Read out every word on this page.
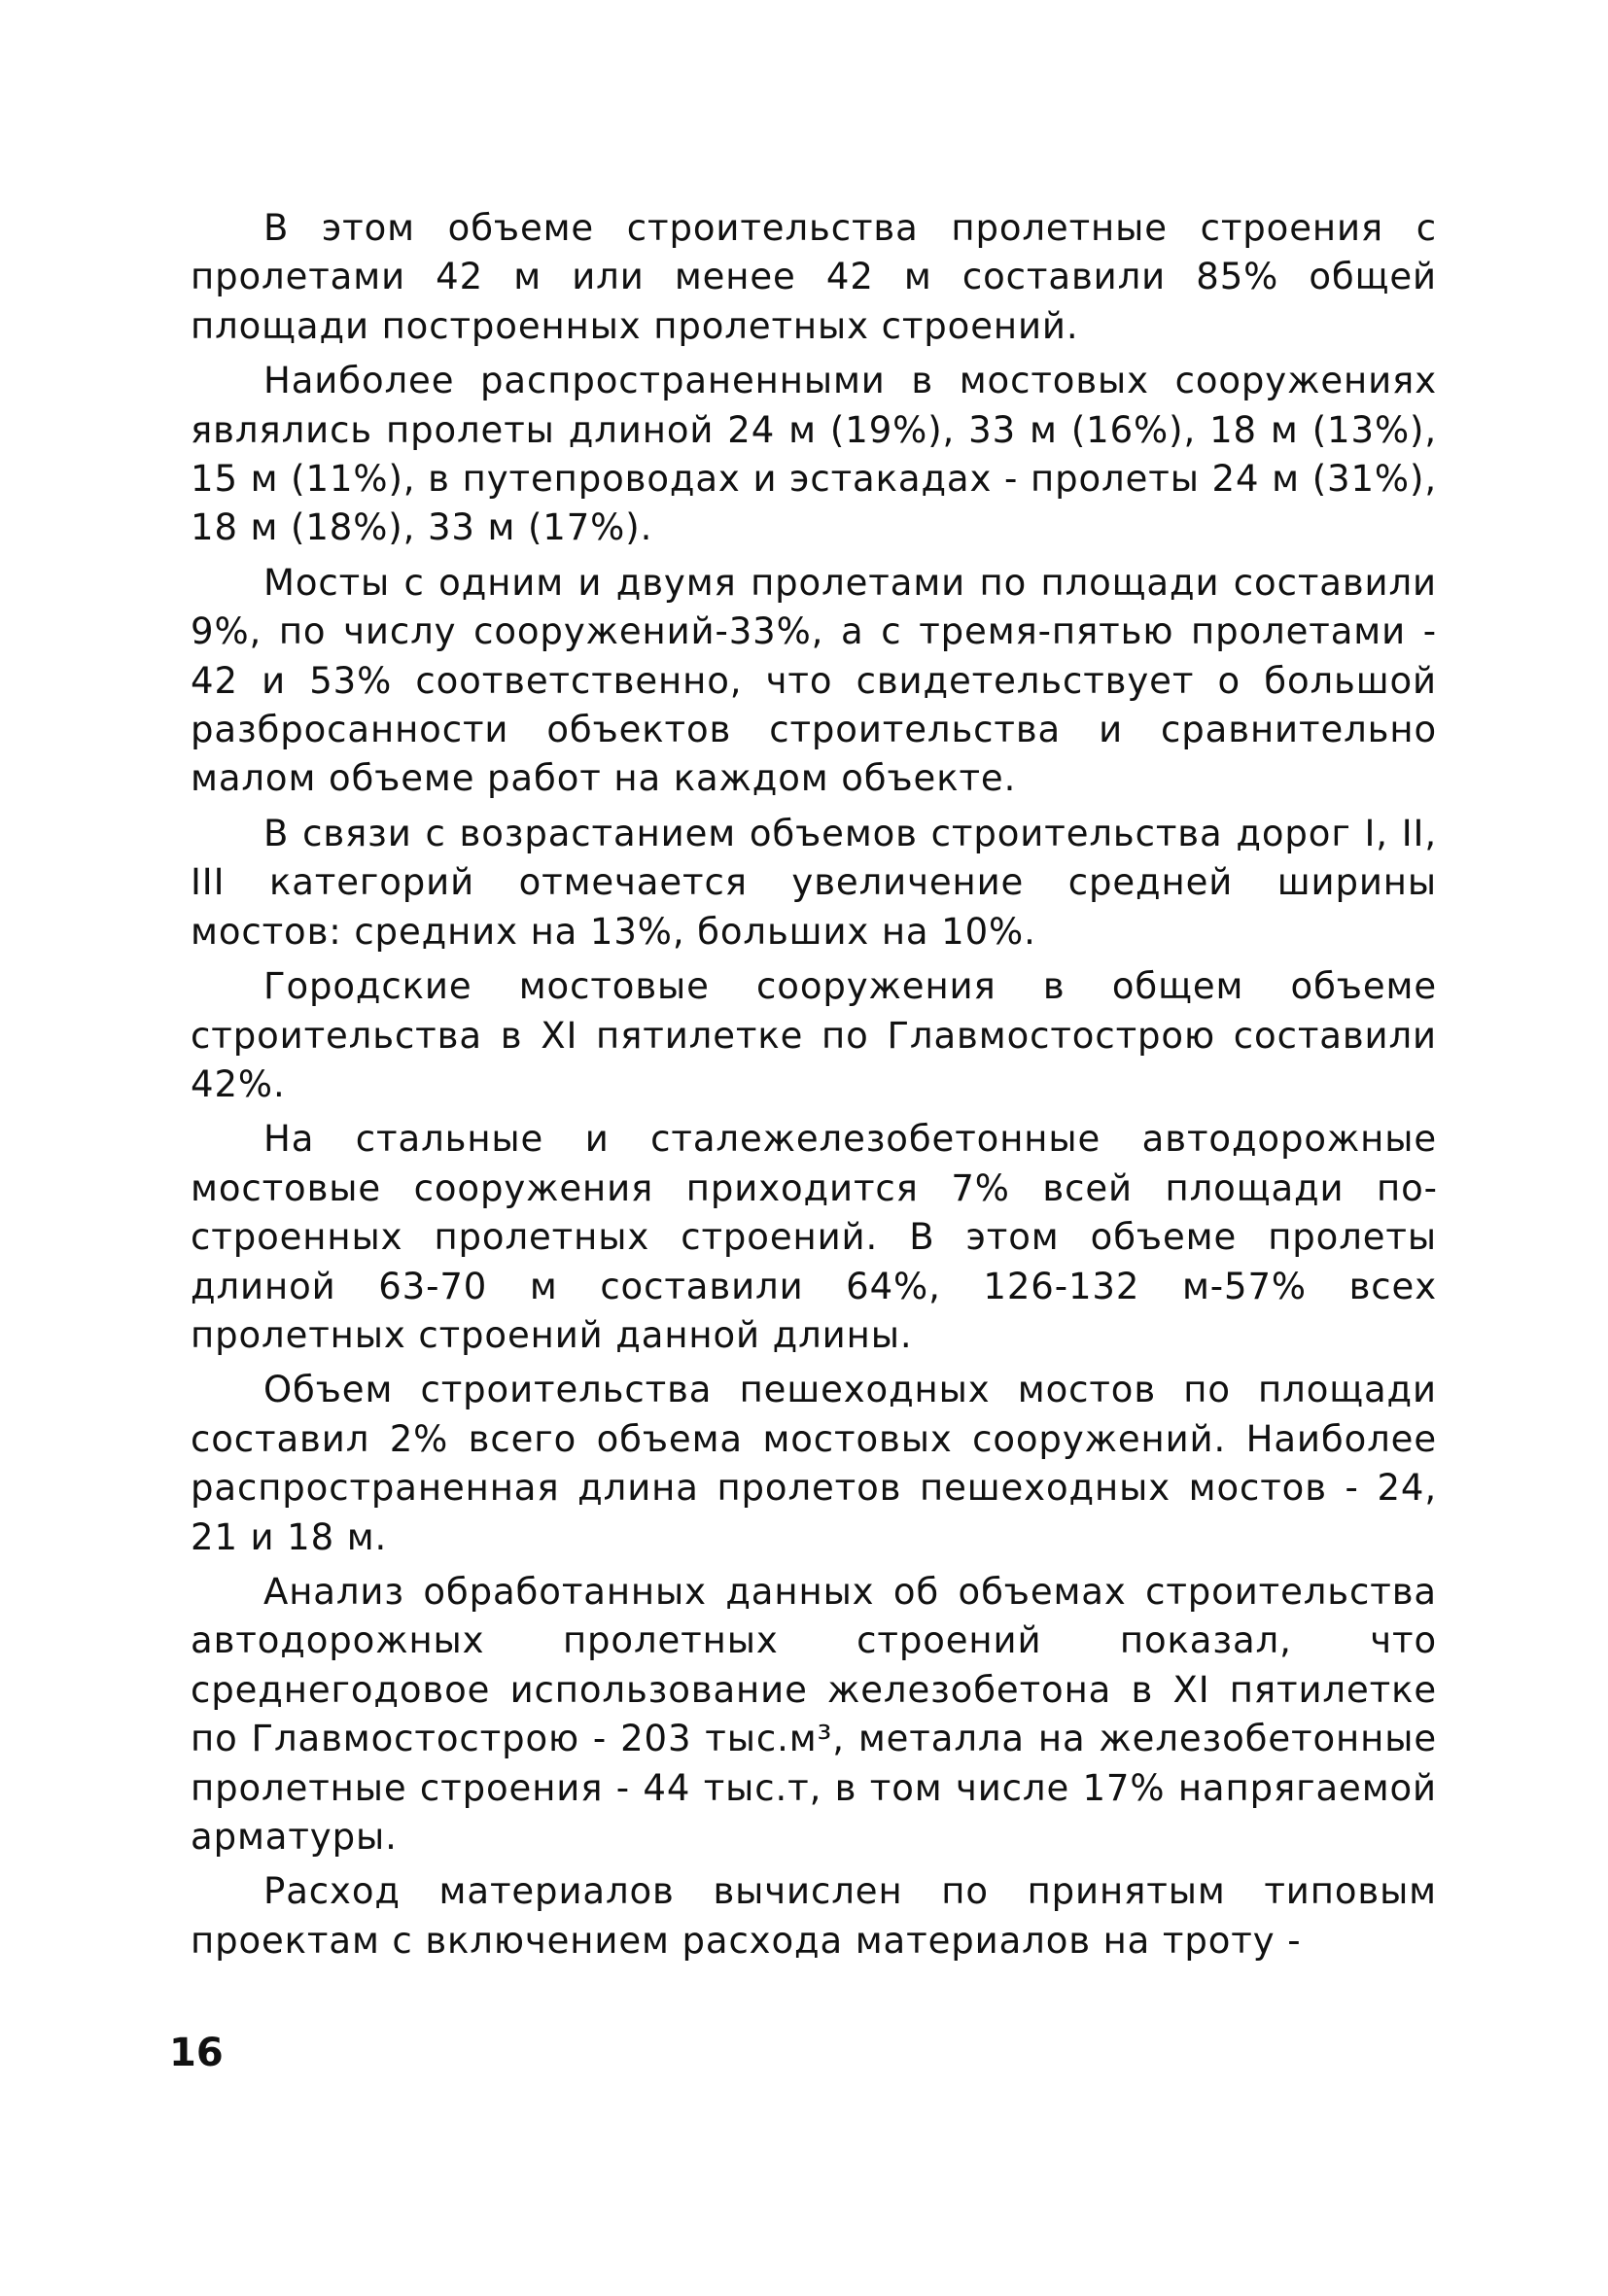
В этом объеме строительства пролетные строения с пролетами 42 м или менее 42 м составили 85% общей площади построенных пролетных строений.

Наиболее распространенными в мостовых сооружениях являлись пролеты длиной 24 м (19%), 33 м (16%), 18 м (13%), 15 м (11%), в путепроводах и эстакадах - пролеты 24 м (31%), 18 м (18%), 33 м (17%).

Мосты с одним и двумя пролетами по площади составили 9%, по числу сооружений-33%, а с тремя-пятью пролетами - 42 и 53% соответственно, что свидетельствует о большой разбросанности объектов строительства и сравнительно малом объеме работ на каждом объекте.

В связи с возрастанием объемов строительства дорог I, II, III категорий отмечается увеличение средней ширины мостов: средних на 13%, больших на 10%.

Городские мостовые сооружения в общем объеме строительства в XI пятилетке по Главмостострою составили 42%.

На стальные и сталежелезобетонные автодорожные мостовые сооружения приходится 7% всей площади построенных пролетных строений. В этом объеме пролеты длиной 63-70 м составили 64%, 126-132 м-57% всех пролетных строений данной длины.

Объем строительства пешеходных мостов по площади составил 2% всего объема мостовых сооружений. Наиболее распространенная длина пролетов пешеходных мостов - 24, 21 и 18 м.

Анализ обработанных данных об объемах строительства автодорожных пролетных строений показал, что среднегодовое использование железобетона в XI пятилетке по Главмостострою - 203 тыс.м³, металла на железобетонные пролетные строения - 44 тыс.т, в том числе 17% напрягаемой арматуры.

Расход материалов вычислен по принятым типовым проектам с включением расхода материалов на троту -

16
